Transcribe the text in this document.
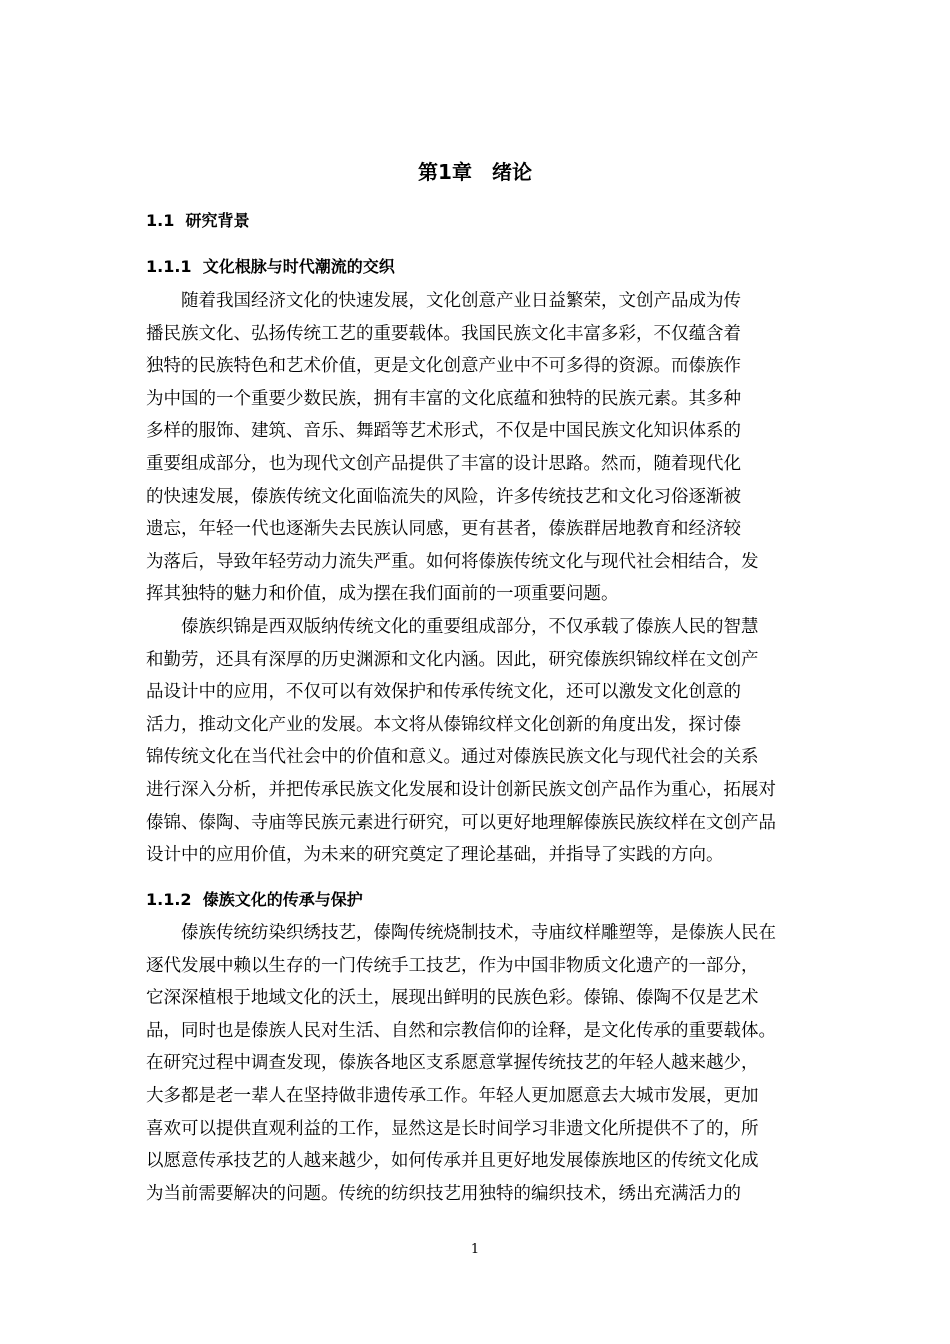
第1章　绪论
1.1  研究背景
1.1.1  文化根脉与时代潮流的交织
随着我国经济文化的快速发展，文化创意产业日益繁荣，文创产品成为传
播民族文化、弘扬传统工艺的重要载体。我国民族文化丰富多彩，不仅蕴含着
独特的民族特色和艺术价值，更是文化创意产业中不可多得的资源。而傣族作
为中国的一个重要少数民族，拥有丰富的文化底蕴和独特的民族元素。其多种
多样的服饰、建筑、音乐、舞蹈等艺术形式，不仅是中国民族文化知识体系的
重要组成部分，也为现代文创产品提供了丰富的设计思路。然而，随着现代化
的快速发展，傣族传统文化面临流失的风险，许多传统技艺和文化习俗逐渐被
遗忘，年轻一代也逐渐失去民族认同感，更有甚者，傣族群居地教育和经济较
为落后，导致年轻劳动力流失严重。如何将傣族传统文化与现代社会相结合，发
挥其独特的魅力和价值，成为摆在我们面前的一项重要问题。
傣族织锦是西双版纳传统文化的重要组成部分，不仅承载了傣族人民的智慧
和勤劳，还具有深厚的历史渊源和文化内涵。因此，研究傣族织锦纹样在文创产
品设计中的应用，不仅可以有效保护和传承传统文化，还可以激发文化创意的
活力，推动文化产业的发展。本文将从傣锦纹样文化创新的角度出发，探讨傣
锦传统文化在当代社会中的价值和意义。通过对傣族民族文化与现代社会的关系
进行深入分析，并把传承民族文化发展和设计创新民族文创产品作为重心，拓展对
傣锦、傣陶、寺庙等民族元素进行研究，可以更好地理解傣族民族纹样在文创产品
设计中的应用价值，为未来的研究奠定了理论基础，并指导了实践的方向。
1.1.2  傣族文化的传承与保护
傣族传统纺染织绣技艺，傣陶传统烧制技术，寺庙纹样雕塑等，是傣族人民在
逐代发展中赖以生存的一门传统手工技艺，作为中国非物质文化遗产的一部分，
它深深植根于地域文化的沃土，展现出鲜明的民族色彩。傣锦、傣陶不仅是艺术
品，同时也是傣族人民对生活、自然和宗教信仰的诠释，是文化传承的重要载体。
在研究过程中调查发现，傣族各地区支系愿意掌握传统技艺的年轻人越来越少，
大多都是老一辈人在坚持做非遗传承工作。年轻人更加愿意去大城市发展，更加
喜欢可以提供直观利益的工作，显然这是长时间学习非遗文化所提供不了的，所
以愿意传承技艺的人越来越少，如何传承并且更好地发展傣族地区的传统文化成
为当前需要解决的问题。传统的纺织技艺用独特的编织技术，绣出充满活力的
1
